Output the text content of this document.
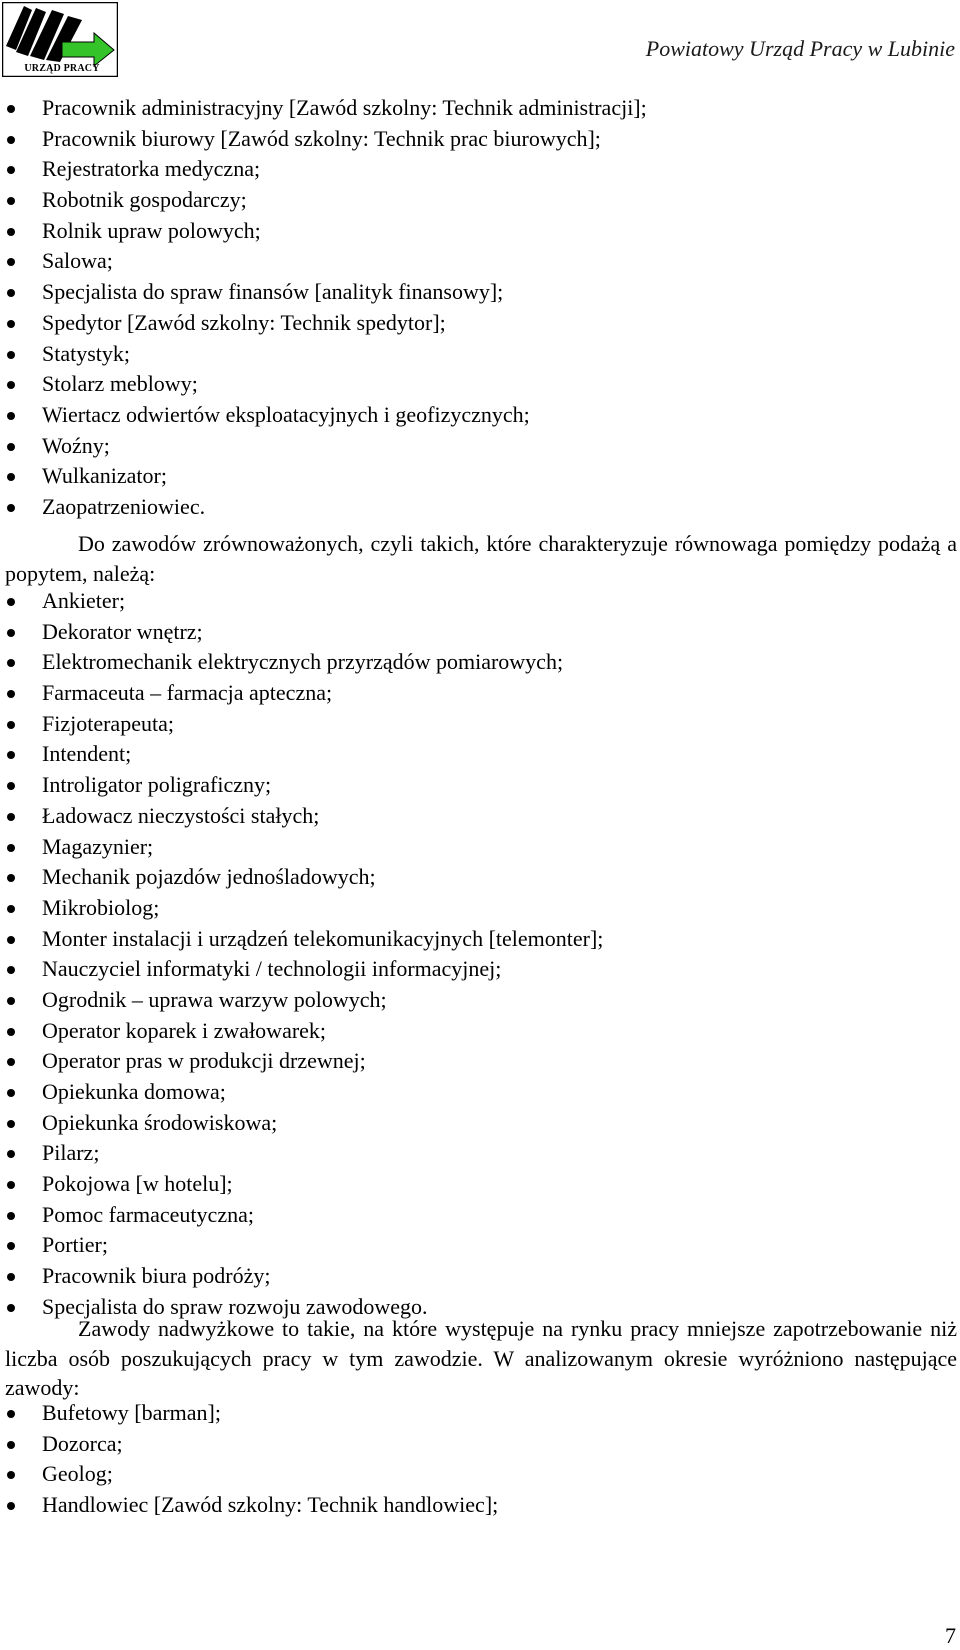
URZĄD PRACY
Powiatowy Urząd Pracy w Lubinie
Pracownik administracyjny [Zawód szkolny: Technik administracji];
Pracownik biurowy [Zawód szkolny: Technik prac biurowych];
Rejestratorka medyczna;
Robotnik gospodarczy;
Rolnik upraw polowych;
Salowa;
Specjalista do spraw finansów [analityk finansowy];
Spedytor [Zawód szkolny: Technik spedytor];
Statystyk;
Stolarz meblowy;
Wiertacz odwiertów eksploatacyjnych i geofizycznych;
Woźny;
Wulkanizator;
Zaopatrzeniowiec.
Do zawodów zrównoważonych, czyli takich, które charakteryzuje równowaga pomiędzy podażą a popytem, należą:
Ankieter;
Dekorator wnętrz;
Elektromechanik elektrycznych przyrządów pomiarowych;
Farmaceuta – farmacja apteczna;
Fizjoterapeuta;
Intendent;
Introligator poligraficzny;
Ładowacz nieczystości stałych;
Magazynier;
Mechanik pojazdów jednośladowych;
Mikrobiolog;
Monter instalacji i urządzeń telekomunikacyjnych [telemonter];
Nauczyciel informatyki / technologii informacyjnej;
Ogrodnik – uprawa warzyw polowych;
Operator koparek i zwałowarek;
Operator pras w produkcji drzewnej;
Opiekunka domowa;
Opiekunka środowiskowa;
Pilarz;
Pokojowa [w hotelu];
Pomoc farmaceutyczna;
Portier;
Pracownik biura podróży;
Specjalista do spraw rozwoju zawodowego.
Zawody nadwyżkowe to takie, na które występuje na rynku pracy mniejsze zapotrzebowanie niż liczba osób poszukujących pracy w tym zawodzie. W analizowanym okresie wyróżniono następujące zawody:
Bufetowy [barman];
Dozorca;
Geolog;
Handlowiec [Zawód szkolny: Technik handlowiec];
7
